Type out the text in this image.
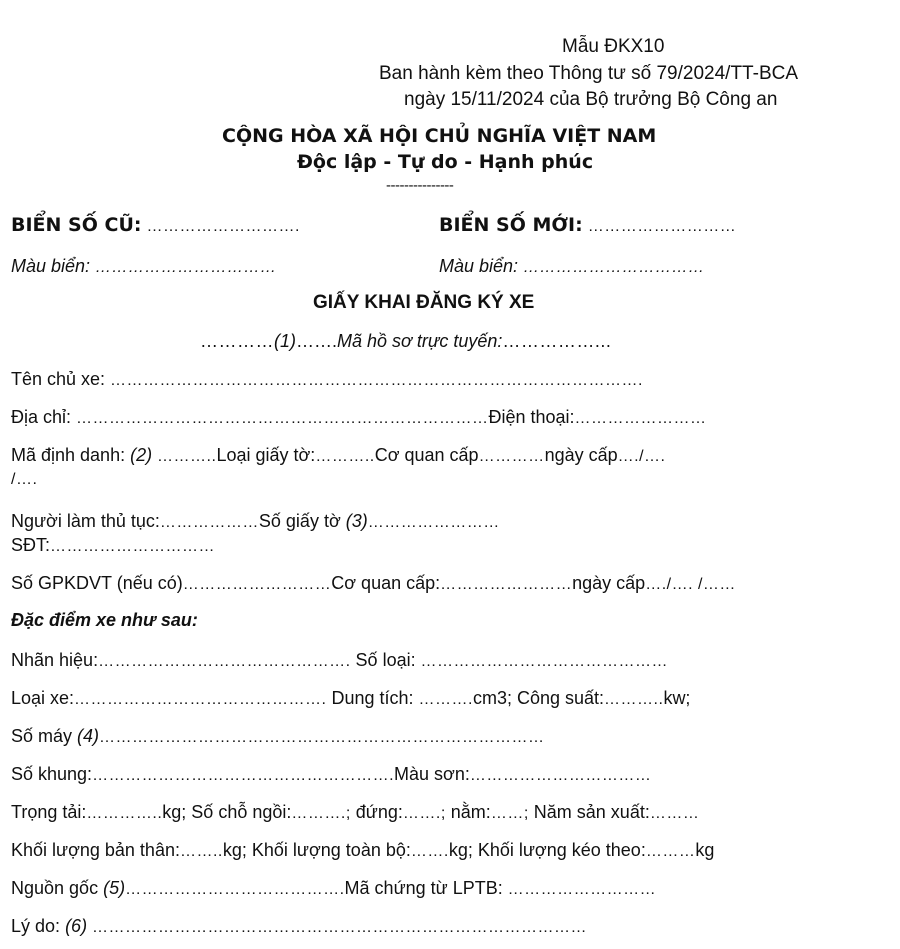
Mẫu ĐKX10
Ban hành kèm theo Thông tư số 79/2024/TT-BCA
ngày 15/11/2024 của Bộ trưởng Bộ Công an
CỘNG HÒA XÃ HỘI CHỦ NGHĨA VIỆT NAM
Độc lập - Tự do - Hạnh phúc
---------------
BIỂN SỐ CŨ: ……………………….	BIỂN SỐ MỚI: ………………………
Màu biển: ……………………………	Màu biển: ……………………………
GIẤY KHAI ĐĂNG KÝ XE
…………(1)…….Mã hồ sơ trực tuyến:……………...
Tên chủ xe: …………………………………………………………………………………….
Địa chỉ: …………………………………………………………………Điện thoại:……………………
Mã định danh: (2) ………..Loại giấy tờ:………..Cơ quan cấp…………ngày cấp…./….
/….
Người làm thủ tục:………………Số giấy tờ (3)……………………
SĐT:…………………………
Số GPKDVT (nếu có)………………………Cơ quan cấp:……………………ngày cấp…./…. /……
Đặc điểm xe như sau:
Nhãn hiệu:………………………………………. Số loại: ………………………………………
Loại xe:………………………………………. Dung tích: ……….cm3; Công suất:………..kw;
Số máy (4)………………………………………………………………………
Số khung:……………………………………………….Màu sơn:……………………………
Trọng tải:…………..kg; Số chỗ ngồi:……….; đứng:…….; nằm:……; Năm sản xuất:………
Khối lượng bản thân:……..kg; Khối lượng toàn bộ:…….kg; Khối lượng kéo theo:………kg
Nguồn gốc (5)………………………………….Mã chứng từ LPTB: ………………………
Lý do: (6) ………………………………………………………………………………
